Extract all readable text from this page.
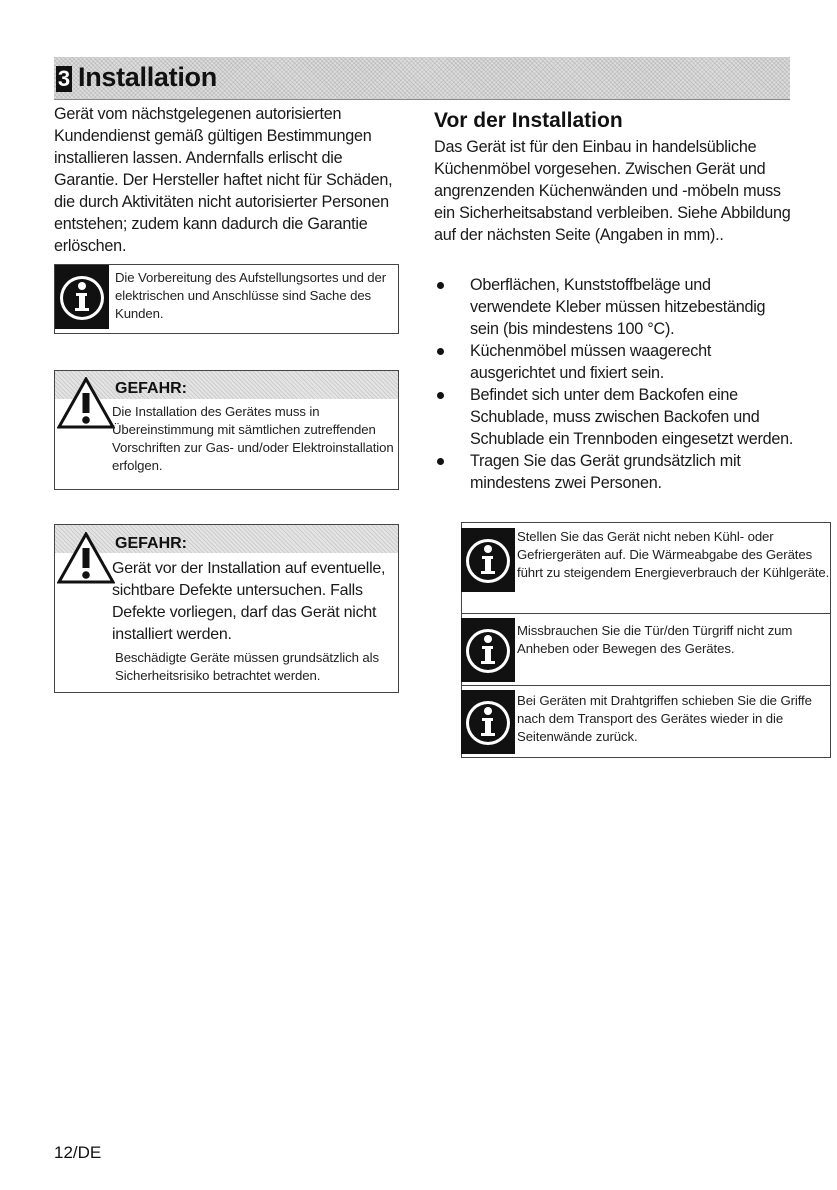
3 Installation
Gerät vom nächstgelegenen autorisierten Kundendienst gemäß gültigen Bestimmungen installieren lassen. Andernfalls erlischt die Garantie. Der Hersteller haftet nicht für Schäden, die durch Aktivitäten nicht autorisierter Personen entstehen; zudem kann dadurch die Garantie erlöschen.
Die Vorbereitung des Aufstellungsortes und der elektrischen und Anschlüsse sind Sache des Kunden.
GEFAHR:
Die Installation des Gerätes muss in Übereinstimmung mit sämtlichen zutreffenden Vorschriften zur Gas- und/oder Elektroinstallation erfolgen.
GEFAHR:
Gerät vor der Installation auf eventuelle, sichtbare Defekte untersuchen. Falls Defekte vorliegen, darf das Gerät nicht installiert werden.
Beschädigte Geräte müssen grundsätzlich als Sicherheitsrisiko betrachtet werden.
Vor der Installation
Das Gerät ist für den Einbau in handelsübliche Küchenmöbel vorgesehen. Zwischen Gerät und angrenzenden Küchenwänden und -möbeln muss ein Sicherheitsabstand verbleiben. Siehe Abbildung auf der nächsten Seite (Angaben in mm)..
Oberflächen, Kunststoffbeläge und verwendete Kleber müssen hitzebeständig sein (bis mindestens 100 °C).
Küchenmöbel müssen waagerecht ausgerichtet und fixiert sein.
Befindet sich unter dem Backofen eine Schublade, muss zwischen Backofen und Schublade ein Trennboden eingesetzt werden.
Tragen Sie das Gerät grundsätzlich mit mindestens zwei Personen.
Stellen Sie das Gerät nicht neben Kühl- oder Gefriergeräten auf. Die Wärmeabgabe des Gerätes führt zu steigendem Energieverbrauch der Kühlgeräte.
Missbrauchen Sie die Tür/den Türgriff nicht zum Anheben oder Bewegen des Gerätes.
Bei Geräten mit Drahtgriffen schieben Sie die Griffe nach dem Transport des Gerätes wieder in die Seitenwände zurück.
12/DE
